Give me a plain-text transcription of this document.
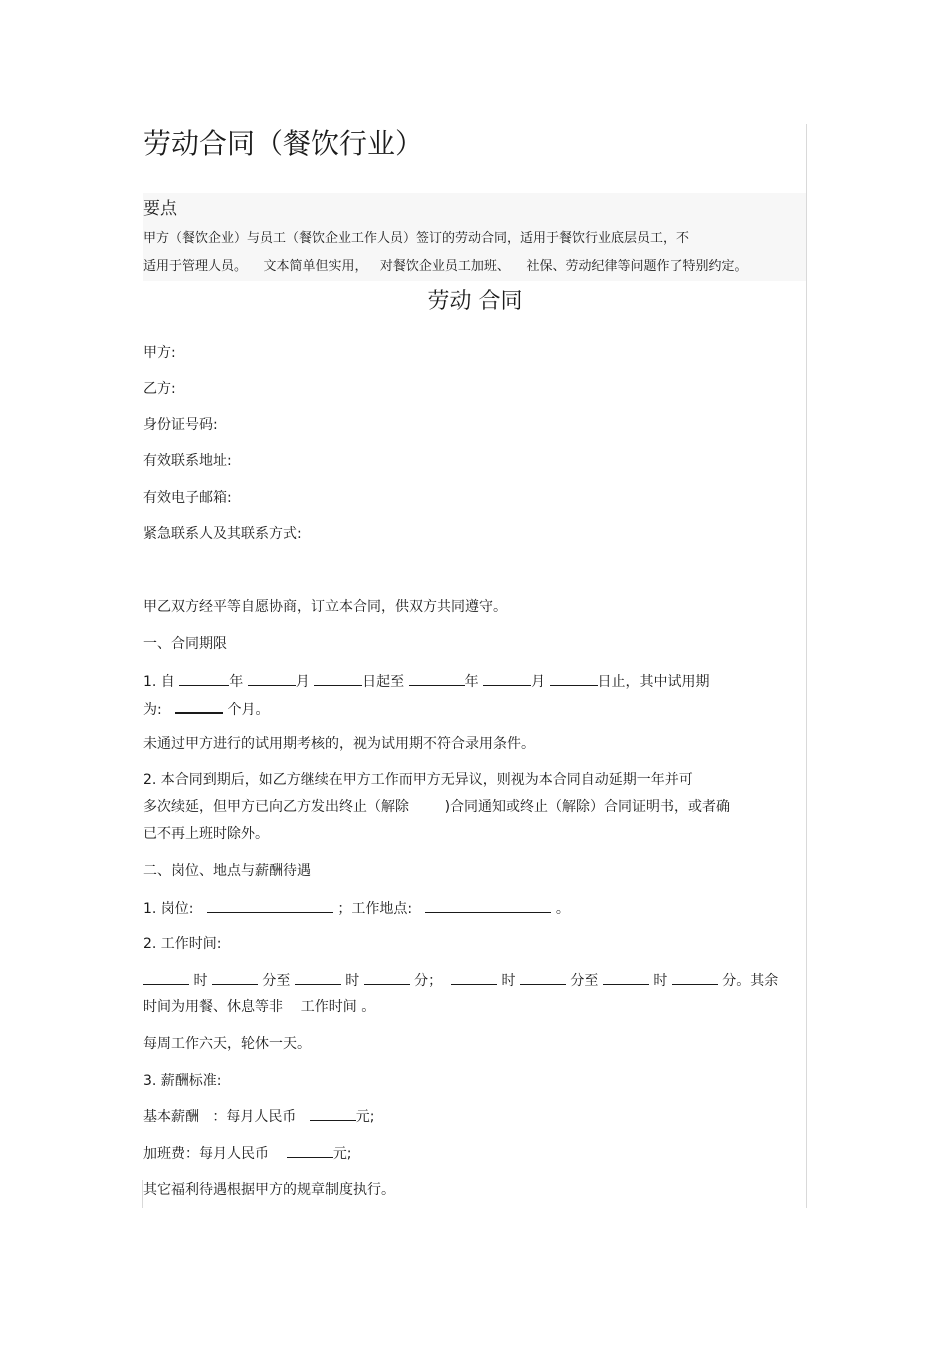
劳动合同（餐饮行业）
要点
甲方（餐饮企业）与员工（餐饮企业工作人员）签订的劳动合同，适用于餐饮行业底层员工，不
适用于管理人员。    文本简单但实用，   对餐饮企业员工加班、    社保、劳动纪律等问题作了特别约定。
劳动 合同
甲方:
乙方:
身份证号码:
有效联系地址:
有效电子邮箱:
紧急联系人及其联系方式:
甲乙双方经平等自愿协商，订立本合同，供双方共同遵守。
一、合同期限
1. 自	年	月	日起至	年	月	日止，其中试用期
为:	个月。
未通过甲方进行的试用期考核的，视为试用期不符合录用条件。
2. 本合同到期后，如乙方继续在甲方工作而甲方无异议，则视为本合同自动延期一年并可
多次续延，但甲方已向乙方发出终止（解除        )合同通知或终止（解除）合同证明书，或者确
已不再上班时除外。
二、岗位、地点与薪酬待遇
1. 岗位:	；工作地点:	。
2. 工作时间:
时	分至	时	分；	时	分至	时	分。其余
时间为用餐、休息等非    工作时间 。
每周工作六天，轮休一天。
3. 薪酬标准:
基本薪酬   ：每月人民币	元;
加班费：每月人民币	元;
其它福利待遇根据甲方的规章制度执行。
